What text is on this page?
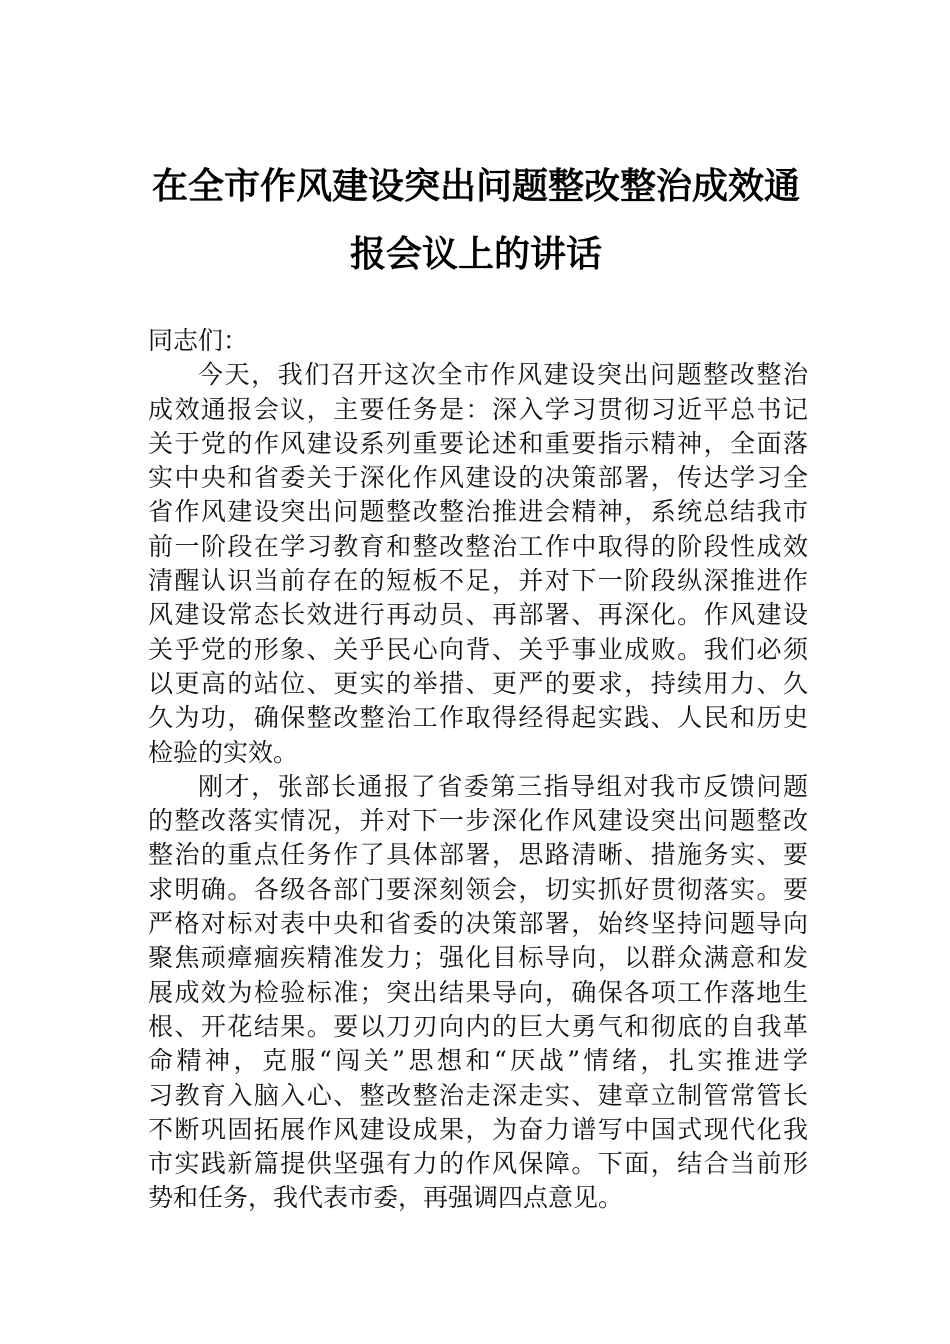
在全市作风建设突出问题整改整治成效通
报会议上的讲话
同志们：
今天，我们召开这次全市作风建设突出问题整改整治
成效通报会议，主要任务是：深入学习贯彻习近平总书记
关于党的作风建设系列重要论述和重要指示精神，全面落
实中央和省委关于深化作风建设的决策部署，传达学习全
省作风建设突出问题整改整治推进会精神，系统总结我市
前一阶段在学习教育和整改整治工作中取得的阶段性成效
清醒认识当前存在的短板不足，并对下一阶段纵深推进作
风建设常态长效进行再动员、再部署、再深化。作风建设
关乎党的形象、关乎民心向背、关乎事业成败。我们必须
以更高的站位、更实的举措、更严的要求，持续用力、久
久为功，确保整改整治工作取得经得起实践、人民和历史
检验的实效。
刚才，张部长通报了省委第三指导组对我市反馈问题
的整改落实情况，并对下一步深化作风建设突出问题整改
整治的重点任务作了具体部署，思路清晰、措施务实、要
求明确。各级各部门要深刻领会，切实抓好贯彻落实。要
严格对标对表中央和省委的决策部署，始终坚持问题导向
聚焦顽瘴痼疾精准发力；强化目标导向，以群众满意和发
展成效为检验标准；突出结果导向，确保各项工作落地生
根、开花结果。要以刀刃向内的巨大勇气和彻底的自我革
命精神，克服“闯关”思想和“厌战”情绪，扎实推进学
习教育入脑入心、整改整治走深走实、建章立制管常管长
不断巩固拓展作风建设成果，为奋力谱写中国式现代化我
市实践新篇提供坚强有力的作风保障。下面，结合当前形
势和任务，我代表市委，再强调四点意见。
